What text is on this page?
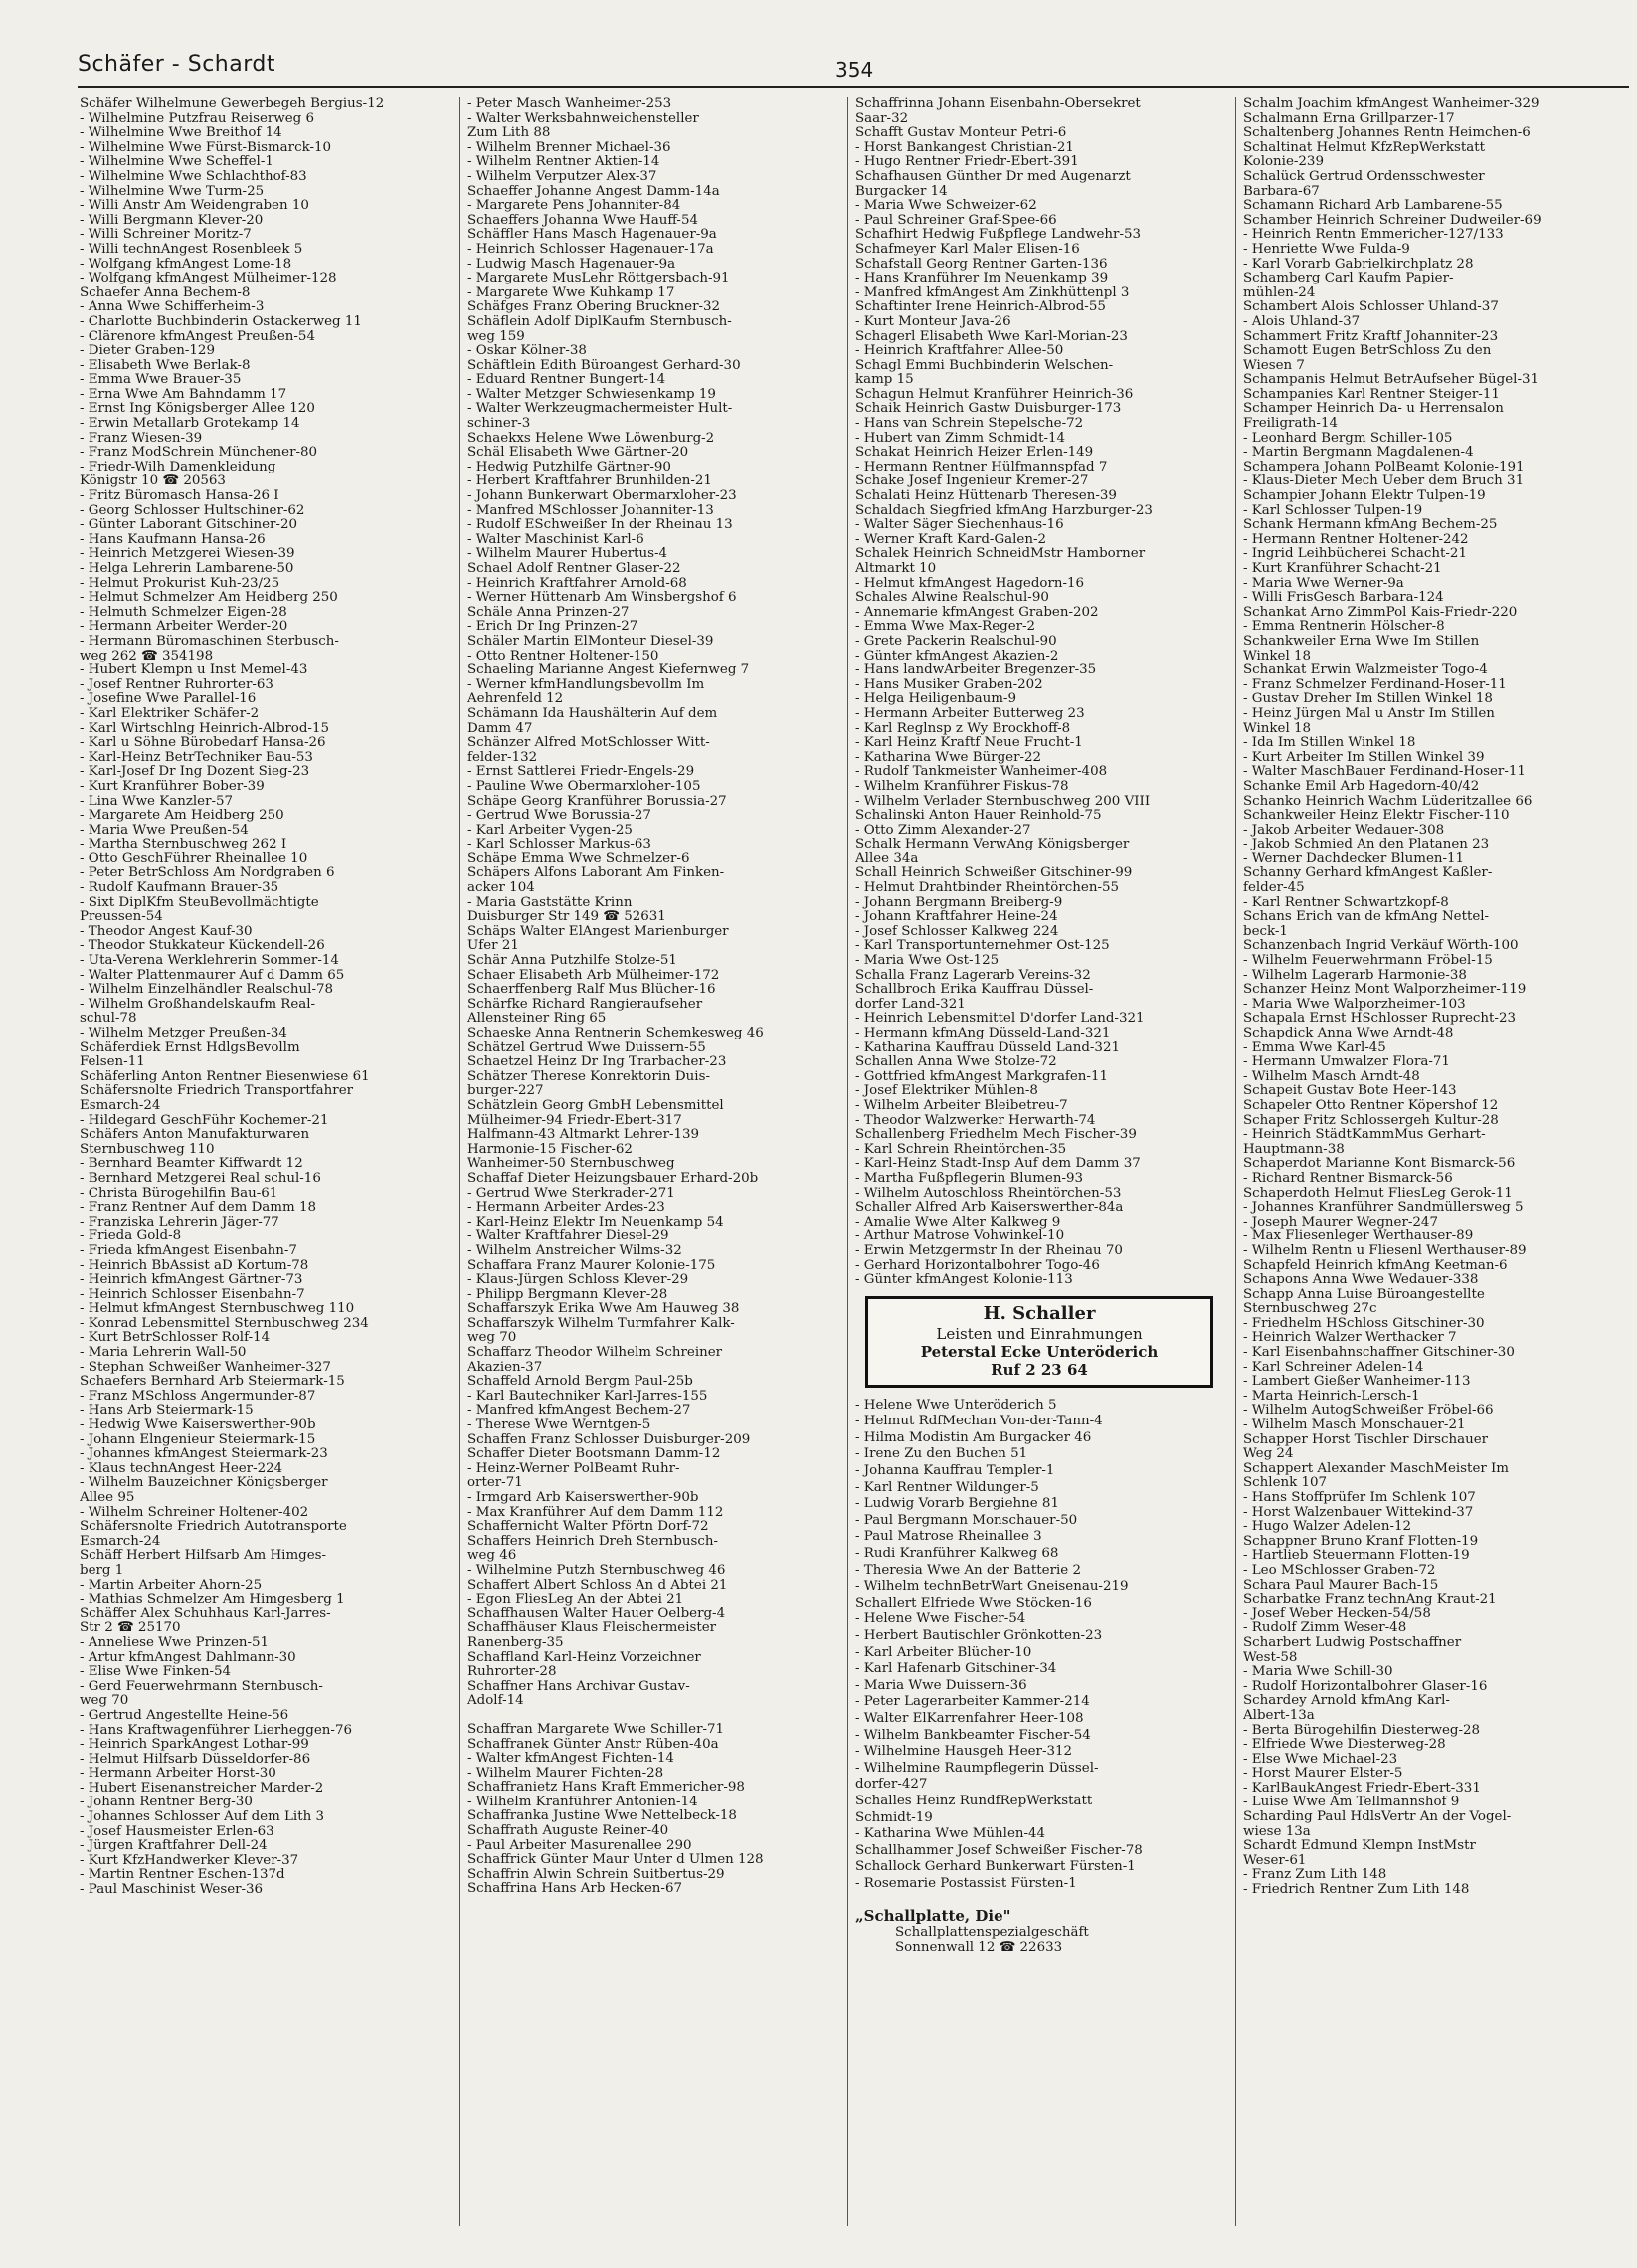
Schäfer - Schardt	354
Schäfer Wilhelmune Gewerbegeh Bergius-12
- Wilhelmine Putzfrau Reiserweg 6
- Wilhelmine Wwe Breithof 14
- Wilhelmine Wwe Fürst-Bismarck-10
- Wilhelmine Wwe Scheffel-1
- Wilhelmine Wwe Schlachthof-83
- Wilhelmine Wwe Turm-25
- Willi Anstr Am Weidengraben 10
- Willi Bergmann Klever-20
- Willi Schreiner Moritz-7
- Willi technAngest Rosenbleek 5
- Wolfgang kfmAngest Lome-18
- Wolfgang kfmAngest Mülheimer-128
Schaefer Anna Bechem-8
- Anna Wwe Schifferheim-3
- Charlotte Buchbinderin Ostackerweg 11
- Clärenore kfmAngest Preußen-54
- Dieter Graben-129
- Elisabeth Wwe Berlak-8
- Emma Wwe Brauer-35
- Erna Wwe Am Bahndamm 17
- Ernst Ing Königsberger Allee 120
- Erwin Metallarb Grotekamp 14
- Franz Wiesen-39
- Franz ModSchrein Münchener-80
- Friedr-Wilh Damenkleidung
Königstr 10 ☎ 20563
- Fritz Büromasch Hansa-26 I
- Georg Schlosser Hultschiner-62
- Günter Laborant Gitschiner-20
- Hans Kaufmann Hansa-26
- Heinrich Metzgerei Wiesen-39
- Helga Lehrerin Lambarene-50
- Helmut Prokurist Kuh-23/25
- Helmut Schmelzer Am Heidberg 250
- Helmuth Schmelzer Eigen-28
- Hermann Arbeiter Werder-20
- Hermann Büromaschinen Sterbusch-
weg 262 ☎ 354198
- Hubert Klempn u Inst Memel-43
- Josef Rentner Ruhrorter-63
- Josefine Wwe Parallel-16
- Karl Elektriker Schäfer-2
- Karl Wirtschlng Heinrich-Albrod-15
- Karl u Söhne Bürobedarf Hansa-26
- Karl-Heinz BetrTechniker Bau-53
- Karl-Josef Dr Ing Dozent Sieg-23
- Kurt Kranführer Bober-39
- Lina Wwe Kanzler-57
- Margarete Am Heidberg 250
- Maria Wwe Preußen-54
- Martha Sternbuschweg 262 I
- Otto GeschFührer Rheinallee 10
- Peter BetrSchloss Am Nordgraben 6
- Rudolf Kaufmann Brauer-35
- Sixt DiplKfm SteuBevollmächtigte
Preussen-54
- Theodor Angest Kauf-30
- Theodor Stukkateur Kückendell-26
- Uta-Verena Werklehrerin Sommer-14
- Walter Plattenmaurer Auf d Damm 65
- Wilhelm Einzelhändler Realschul-78
- Wilhelm Großhandelskaufm Real-
schul-78
- Wilhelm Metzger Preußen-34
Schäferdiek Ernst HdlgsBevollm
Felsen-11
Schäferling Anton Rentner Biesenwiese 61
Schäfersnolte Friedrich Transportfahrer
Esmarch-24
- Hildegard GeschFühr Kochemer-21
Schäfers Anton Manufakturwaren
Sternbuschweg 110
- Bernhard Beamter Kiffwardt 12
- Bernhard Metzgerei Real schul-16
- Christa Bürogehilfin Bau-61
- Franz Rentner Auf dem Damm 18
- Franziska Lehrerin Jäger-77
- Frieda Gold-8
- Frieda kfmAngest Eisenbahn-7
- Heinrich BbAssist aD Kortum-78
- Heinrich kfmAngest Gärtner-73
- Heinrich Schlosser Eisenbahn-7
- Helmut kfmAngest Sternbuschweg 110
- Konrad Lebensmittel Sternbuschweg 234
- Kurt BetrSchlosser Rolf-14
- Maria Lehrerin Wall-50
- Stephan Schweißer Wanheimer-327
Schaefers Bernhard Arb Steiermark-15
- Franz MSchloss Angermunder-87
- Hans Arb Steiermark-15
- Hedwig Wwe Kaiserswerther-90b
- Johann Elngenieur Steiermark-15
- Johannes kfmAngest Steiermark-23
- Klaus technAngest Heer-224
- Wilhelm Bauzeichner Königsberger
Allee 95
- Wilhelm Schreiner Holtener-402
Schäfersnolte Friedrich Autotransporte
Esmarch-24
Schäff Herbert Hilfsarb Am Himges-
berg 1
- Martin Arbeiter Ahorn-25
- Mathias Schmelzer Am Himgesberg 1
Schäffer Alex Schuhhaus Karl-Jarres-
Str 2 ☎ 25170
- Anneliese Wwe Prinzen-51
- Artur kfmAngest Dahlmann-30
- Elise Wwe Finken-54
- Gerd Feuerwehrmann Sternbusch-
weg 70
- Gertrud Angestellte Heine-56
- Hans Kraftwagenführer Lierheggen-76
- Heinrich SparkAngest Lothar-99
- Helmut Hilfsarb Düsseldorfer-86
- Hermann Arbeiter Horst-30
- Hubert Eisenanstreicher Marder-2
- Johann Rentner Berg-30
- Johannes Schlosser Auf dem Lith 3
- Josef Hausmeister Erlen-63
- Jürgen Kraftfahrer Dell-24
- Kurt KfzHandwerker Klever-37
- Martin Rentner Eschen-137d
- Paul Maschinist Weser-36
- Peter Masch Wanheimer-253
- Walter Werksbahnweichensteller
Zum Lith 88
- Wilhelm Brenner Michael-36
- Wilhelm Rentner Aktien-14
- Wilhelm Verputzer Alex-37
Schaeffer Johanne Angest Damm-14a
- Margarete Pens Johanniter-84
Schaeffers Johanna Wwe Hauff-54
Schäffler Hans Masch Hagenauer-9a
- Heinrich Schlosser Hagenauer-17a
- Ludwig Masch Hagenauer-9a
- Margarete MusLehr Röttgersbach-91
- Margarete Wwe Kuhkamp 17
Schäfges Franz Obering Bruckner-32
Schäflein Adolf DiplKaufm Sternbusch-
weg 159
- Oskar Kölner-38
Schäftlein Edith Büroangest Gerhard-30
- Eduard Rentner Bungert-14
- Walter Metzger Schwiesenkamp 19
- Walter Werkzeugmachermeister Hult-
schiner-3
Schaekxs Helene Wwe Löwenburg-2
Schäl Elisabeth Wwe Gärtner-20
- Hedwig Putzhilfe Gärtner-90
- Herbert Kraftfahrer Brunhilden-21
- Johann Bunkerwart Obermarxloher-23
- Manfred MSchlosser Johanniter-13
- Rudolf ESchweißer In der Rheinau 13
- Walter Maschinist Karl-6
- Wilhelm Maurer Hubertus-4
Schael Adolf Rentner Glaser-22
- Heinrich Kraftfahrer Arnold-68
- Werner Hüttenarb Am Winsbergshof 6
Schäle Anna Prinzen-27
- Erich Dr Ing Prinzen-27
Schäler Martin ElMonteur Diesel-39
- Otto Rentner Holtener-150
Schaeling Marianne Angest Kiefernweg 7
- Werner kfmHandlungsbevollm Im
Aehrenfeld 12
Schämann Ida Haushälterin Auf dem
Damm 47
Schänzer Alfred MotSchlosser Witt-
felder-132
- Ernst Sattlerei Friedr-Engels-29
- Pauline Wwe Obermarxloher-105
Schäpe Georg Kranführer Borussia-27
- Gertrud Wwe Borussia-27
- Karl Arbeiter Vygen-25
- Karl Schlosser Markus-63
Schäpe Emma Wwe Schmelzer-6
Schäpers Alfons Laborant Am Finken-
acker 104
- Maria Gaststätte Krinn
Duisburger Str 149 ☎ 52631
Schäps Walter ElAngest Marienburger
Ufer 21
Schär Anna Putzhilfe Stolze-51
Schaer Elisabeth Arb Mülheimer-172
Schaerffenberg Ralf Mus Blücher-16
Schärfke Richard Rangieraufseher
Allensteiner Ring 65
Schaeske Anna Rentnerin Schemkesweg 46
Schätzel Gertrud Wwe Duissern-55
Schaetzel Heinz Dr Ing Trarbacher-23
Schätzer Therese Konrektorin Duis-
burger-227
Schätzlein Georg GmbH Lebensmittel
Mülheimer-94 Friedr-Ebert-317
Halfmann-43 Altmarkt Lehrer-139
Harmonie-15 Fischer-62
Wanheimer-50 Sternbuschweg
Schaffaf Dieter Heizungsbauer Erhard-20b
- Gertrud Wwe Sterkrader-271
- Hermann Arbeiter Ardes-23
- Karl-Heinz Elektr Im Neuenkamp 54
- Walter Kraftfahrer Diesel-29
- Wilhelm Anstreicher Wilms-32
Schaffara Franz Maurer Kolonie-175
- Klaus-Jürgen Schloss Klever-29
- Philipp Bergmann Klever-28
Schaffarszyk Erika Wwe Am Hauweg 38
Schaffarszyk Wilhelm Turmfahrer Kalk-
weg 70
Schaffarz Theodor Wilhelm Schreiner
Akazien-37
Schaffeld Arnold Bergm Paul-25b
- Karl Bautechniker Karl-Jarres-155
- Manfred kfmAngest Bechem-27
- Therese Wwe Werntgen-5
Schaffen Franz Schlosser Duisburger-209
Schaffer Dieter Bootsmann Damm-12
- Heinz-Werner PolBeamt Ruhr-
orter-71
- Irmgard Arb Kaiserswerther-90b
- Max Kranführer Auf dem Damm 112
Schaffernicht Walter Pförtn Dorf-72
Schaffers Heinrich Dreh Sternbusch-
weg 46
- Wilhelmine Putzh Sternbuschweg 46
Schaffert Albert Schloss An d Abtei 21
- Egon FliesLeg An der Abtei 21
Schaffhausen Walter Hauer Oelberg-4
Schaffhäuser Klaus Fleischermeister
Ranenberg-35
Schaffland Karl-Heinz Vorzeichner
Ruhrorter-28
Schaffner Hans Archivar Gustav-
Adolf-14
Schaffran Margarete Wwe Schiller-71
Schaffranek Günter Anstr Rüben-40a
- Walter kfmAngest Fichten-14
- Wilhelm Maurer Fichten-28
Schaffranietz Hans Kraft Emmericher-98
- Wilhelm Kranführer Antonien-14
Schaffranka Justine Wwe Nettelbeck-18
Schaffrath Auguste Reiner-40
- Paul Arbeiter Masurenallee 290
Schaffrick Günter Maur Unter d Ulmen 128
Schaffrin Alwin Schrein Suitbertus-29
Schaffrina Hans Arb Hecken-67
Schaffrinna Johann Eisenbahn-Obersekret
Saar-32
Schafft Gustav Monteur Petri-6
- Horst Bankangest Christian-21
- Hugo Rentner Friedr-Ebert-391
Schafhausen Günther Dr med Augenarzt
Burgacker 14
- Maria Wwe Schweizer-62
- Paul Schreiner Graf-Spee-66
Schafhirt Hedwig Fußpflege Landwehr-53
Schafmeyer Karl Maler Elisen-16
Schafstall Georg Rentner Garten-136
- Hans Kranführer Im Neuenkamp 39
- Manfred kfmAngest Am Zinkhüttenpl 3
Schaftinter Irene Heinrich-Albrod-55
- Kurt Monteur Java-26
Schagerl Elisabeth Wwe Karl-Morian-23
- Heinrich Kraftfahrer Allee-50
Schagl Emmi Buchbinderin Welschen-
kamp 15
Schagun Helmut Kranführer Heinrich-36
Schaik Heinrich Gastw Duisburger-173
- Hans van Schrein Stepelsche-72
- Hubert van Zimm Schmidt-14
Schakat Heinrich Heizer Erlen-149
- Hermann Rentner Hülfmannspfad 7
Schake Josef Ingenieur Kremer-27
Schalati Heinz Hüttenarb Theresen-39
Schaldach Siegfried kfmAng Harzburger-23
- Walter Säger Siechenhaus-16
- Werner Kraft Kard-Galen-2
Schalek Heinrich SchneidMstr Hamborner
Altmarkt 10
- Helmut kfmAngest Hagedorn-16
Schales Alwine Realschul-90
- Annemarie kfmAngest Graben-202
- Emma Wwe Max-Reger-2
- Grete Packerin Realschul-90
- Günter kfmAngest Akazien-2
- Hans landwArbeiter Bregenzer-35
- Hans Musiker Graben-202
- Helga Heiligenbaum-9
- Hermann Arbeiter Butterweg 23
- Karl Reglnsp z Wy Brockhoff-8
- Karl Heinz Kraftf Neue Frucht-1
- Katharina Wwe Bürger-22
- Rudolf Tankmeister Wanheimer-408
- Wilhelm Kranführer Fiskus-78
- Wilhelm Verlader Sternbuschweg 200 VIII
Schalinski Anton Hauer Reinhold-75
- Otto Zimm Alexander-27
Schalk Hermann VerwAng Königsberger
Allee 34a
Schall Heinrich Schweißer Gitschiner-99
- Helmut Drahtbinder Rheintörchen-55
- Johann Bergmann Breiberg-9
- Johann Kraftfahrer Heine-24
- Josef Schlosser Kalkweg 224
- Karl Transportunternehmer Ost-125
- Maria Wwe Ost-125
Schalla Franz Lagerarb Vereins-32
Schallbroch Erika Kauffrau Düssel-
dorfer Land-321
- Heinrich Lebensmittel D'dorfer Land-321
- Hermann kfmAng Düsseld-Land-321
- Katharina Kauffrau Düsseld Land-321
Schallen Anna Wwe Stolze-72
- Gottfried kfmAngest Markgrafen-11
- Josef Elektriker Mühlen-8
- Wilhelm Arbeiter Bleibetreu-7
- Theodor Walzwerker Herwarth-74
Schallenberg Friedhelm Mech Fischer-39
- Karl Schrein Rheintörchen-35
- Karl-Heinz Stadt-Insp Auf dem Damm 37
- Martha Fußpflegerin Blumen-93
- Wilhelm Autoschloss Rheintörchen-53
Schaller Alfred Arb Kaiserswerther-84a
- Amalie Wwe Alter Kalkweg 9
- Arthur Matrose Vohwinkel-10
- Erwin Metzgermstr In der Rheinau 70
- Gerhard Horizontalbohrer Togo-46
- Günter kfmAngest Kolonie-113
H. Schaller
Leisten und Einrahmungen
Peterstal Ecke Unteröderich
Ruf 2 23 64
- Helene Wwe Unteröderich 5
- Helmut RdfMechan Von-der-Tann-4
- Hilma Modistin Am Burgacker 46
- Irene Zu den Buchen 51
- Johanna Kauffrau Templer-1
- Karl Rentner Wildunger-5
- Ludwig Vorarb Bergiehne 81
- Paul Bergmann Monschauer-50
- Paul Matrose Rheinallee 3
- Rudi Kranführer Kalkweg 68
- Theresia Wwe An der Batterie 2
- Wilhelm technBetrWart Gneisenau-219
Schallert Elfriede Wwe Stöcken-16
- Helene Wwe Fischer-54
- Herbert Bautischler Grönkotten-23
- Karl Arbeiter Blücher-10
- Karl Hafenarb Gitschiner-34
- Maria Wwe Duissern-36
- Peter Lagerarbeiter Kammer-214
- Walter ElKarrenfahrer Heer-108
- Wilhelm Bankbeamter Fischer-54
- Wilhelmine Hausgeh Heer-312
- Wilhelmine Raumpflegerin Düssel-
dorfer-427
Schalles Heinz RundfRepWerkstatt
Schmidt-19
- Katharina Wwe Mühlen-44
Schallhammer Josef Schweißer Fischer-78
Schallock Gerhard Bunkerwart Fürsten-1
- Rosemarie Postassist Fürsten-1
„Schallplatte, Die"
Schallplattenspezialgeschäft
Sonnenwall 12 ☎ 22633
Schalm Joachim kfmAngest Wanheimer-329
Schalmann Erna Grillparzer-17
Schaltenberg Johannes Rentn Heimchen-6
Schaltinat Helmut KfzRepWerkstatt
Kolonie-239
Schalück Gertrud Ordensschwester
Barbara-67
Schamann Richard Arb Lambarene-55
Schamber Heinrich Schreiner Dudweiler-69
- Heinrich Rentn Emmericher-127/133
- Henriette Wwe Fulda-9
- Karl Vorarb Gabrielkirchplatz 28
Schamberg Carl Kaufm Papier-
mühlen-24
Schambert Alois Schlosser Uhland-37
- Alois Uhland-37
Schammert Fritz Kraftf Johanniter-23
Schamott Eugen BetrSchloss Zu den
Wiesen 7
Schampanis Helmut BetrAufseher Bügel-31
Schampanies Karl Rentner Steiger-11
Schamper Heinrich Da- u Herrensalon
Freiligrath-14
- Leonhard Bergm Schiller-105
- Martin Bergmann Magdalenen-4
Schampera Johann PolBeamt Kolonie-191
- Klaus-Dieter Mech Ueber dem Bruch 31
Schampier Johann Elektr Tulpen-19
- Karl Schlosser Tulpen-19
Schank Hermann kfmAng Bechem-25
- Hermann Rentner Holtener-242
- Ingrid Leihbücherei Schacht-21
- Kurt Kranführer Schacht-21
- Maria Wwe Werner-9a
- Willi FrisGesch Barbara-124
Schankat Arno ZimmPol Kais-Friedr-220
- Emma Rentnerin Hölscher-8
Schankweiler Erna Wwe Im Stillen
Winkel 18
Schankat Erwin Walzmeister Togo-4
- Franz Schmelzer Ferdinand-Hoser-11
- Gustav Dreher Im Stillen Winkel 18
- Heinz Jürgen Mal u Anstr Im Stillen
Winkel 18
- Ida Im Stillen Winkel 18
- Kurt Arbeiter Im Stillen Winkel 39
- Walter MaschBauer Ferdinand-Hoser-11
Schanke Emil Arb Hagedorn-40/42
Schanko Heinrich Wachm Lüderitzallee 66
Schankweiler Heinz Elektr Fischer-110
- Jakob Arbeiter Wedauer-308
- Jakob Schmied An den Platanen 23
- Werner Dachdecker Blumen-11
Schanny Gerhard kfmAngest Kaßler-
felder-45
- Karl Rentner Schwartzkopf-8
Schans Erich van de kfmAng Nettel-
beck-1
Schanzenbach Ingrid Verkäuf Wörth-100
- Wilhelm Feuerwehrmann Fröbel-15
- Wilhelm Lagerarb Harmonie-38
Schanzer Heinz Mont Walporzheimer-119
- Maria Wwe Walporzheimer-103
Schapala Ernst HSchlosser Ruprecht-23
Schapdick Anna Wwe Arndt-48
- Emma Wwe Karl-45
- Hermann Umwalzer Flora-71
- Wilhelm Masch Arndt-48
Schapeit Gustav Bote Heer-143
Schapeler Otto Rentner Köpershof 12
Schaper Fritz Schlossergeh Kultur-28
- Heinrich StädtKammMus Gerhart-
Hauptmann-38
Schaperdot Marianne Kont Bismarck-56
- Richard Rentner Bismarck-56
Schaperdoth Helmut FliesLeg Gerok-11
- Johannes Kranführer Sandmüllersweg 5
- Joseph Maurer Wegner-247
- Max Fliesenleger Werthauser-89
- Wilhelm Rentn u Fliesenl Werthauser-89
Schapfeld Heinrich kfmAng Keetman-6
Schapons Anna Wwe Wedauer-338
Schapp Anna Luise Büroangestellte
Sternbuschweg 27c
- Friedhelm HSchloss Gitschiner-30
- Heinrich Walzer Werthacker 7
- Karl Eisenbahnschaffner Gitschiner-30
- Karl Schreiner Adelen-14
- Lambert Gießer Wanheimer-113
- Marta Heinrich-Lersch-1
- Wilhelm AutogSchweißer Fröbel-66
- Wilhelm Masch Monschauer-21
Schapper Horst Tischler Dirschauer
Weg 24
Schappert Alexander MaschMeister Im
Schlenk 107
- Hans Stoffprüfer Im Schlenk 107
- Horst Walzenbauer Wittekind-37
- Hugo Walzer Adelen-12
Schappner Bruno Kranf Flotten-19
- Hartlieb Steuermann Flotten-19
- Leo MSchlosser Graben-72
Schara Paul Maurer Bach-15
Scharbatke Franz technAng Kraut-21
- Josef Weber Hecken-54/58
- Rudolf Zimm Weser-48
Scharbert Ludwig Postschaffner
West-58
- Maria Wwe Schill-30
- Rudolf Horizontalbohrer Glaser-16
Schardey Arnold kfmAng Karl-
Albert-13a
- Berta Bürogehilfin Diesterweg-28
- Elfriede Wwe Diesterweg-28
- Else Wwe Michael-23
- Horst Maurer Elster-5
- KarlBaukAngest Friedr-Ebert-331
- Luise Wwe Am Tellmannshof 9
Scharding Paul HdlsVertr An der Vogel-
wiese 13a
Schardt Edmund Klempn InstMstr
Weser-61
- Franz Zum Lith 148
- Friedrich Rentner Zum Lith 148
